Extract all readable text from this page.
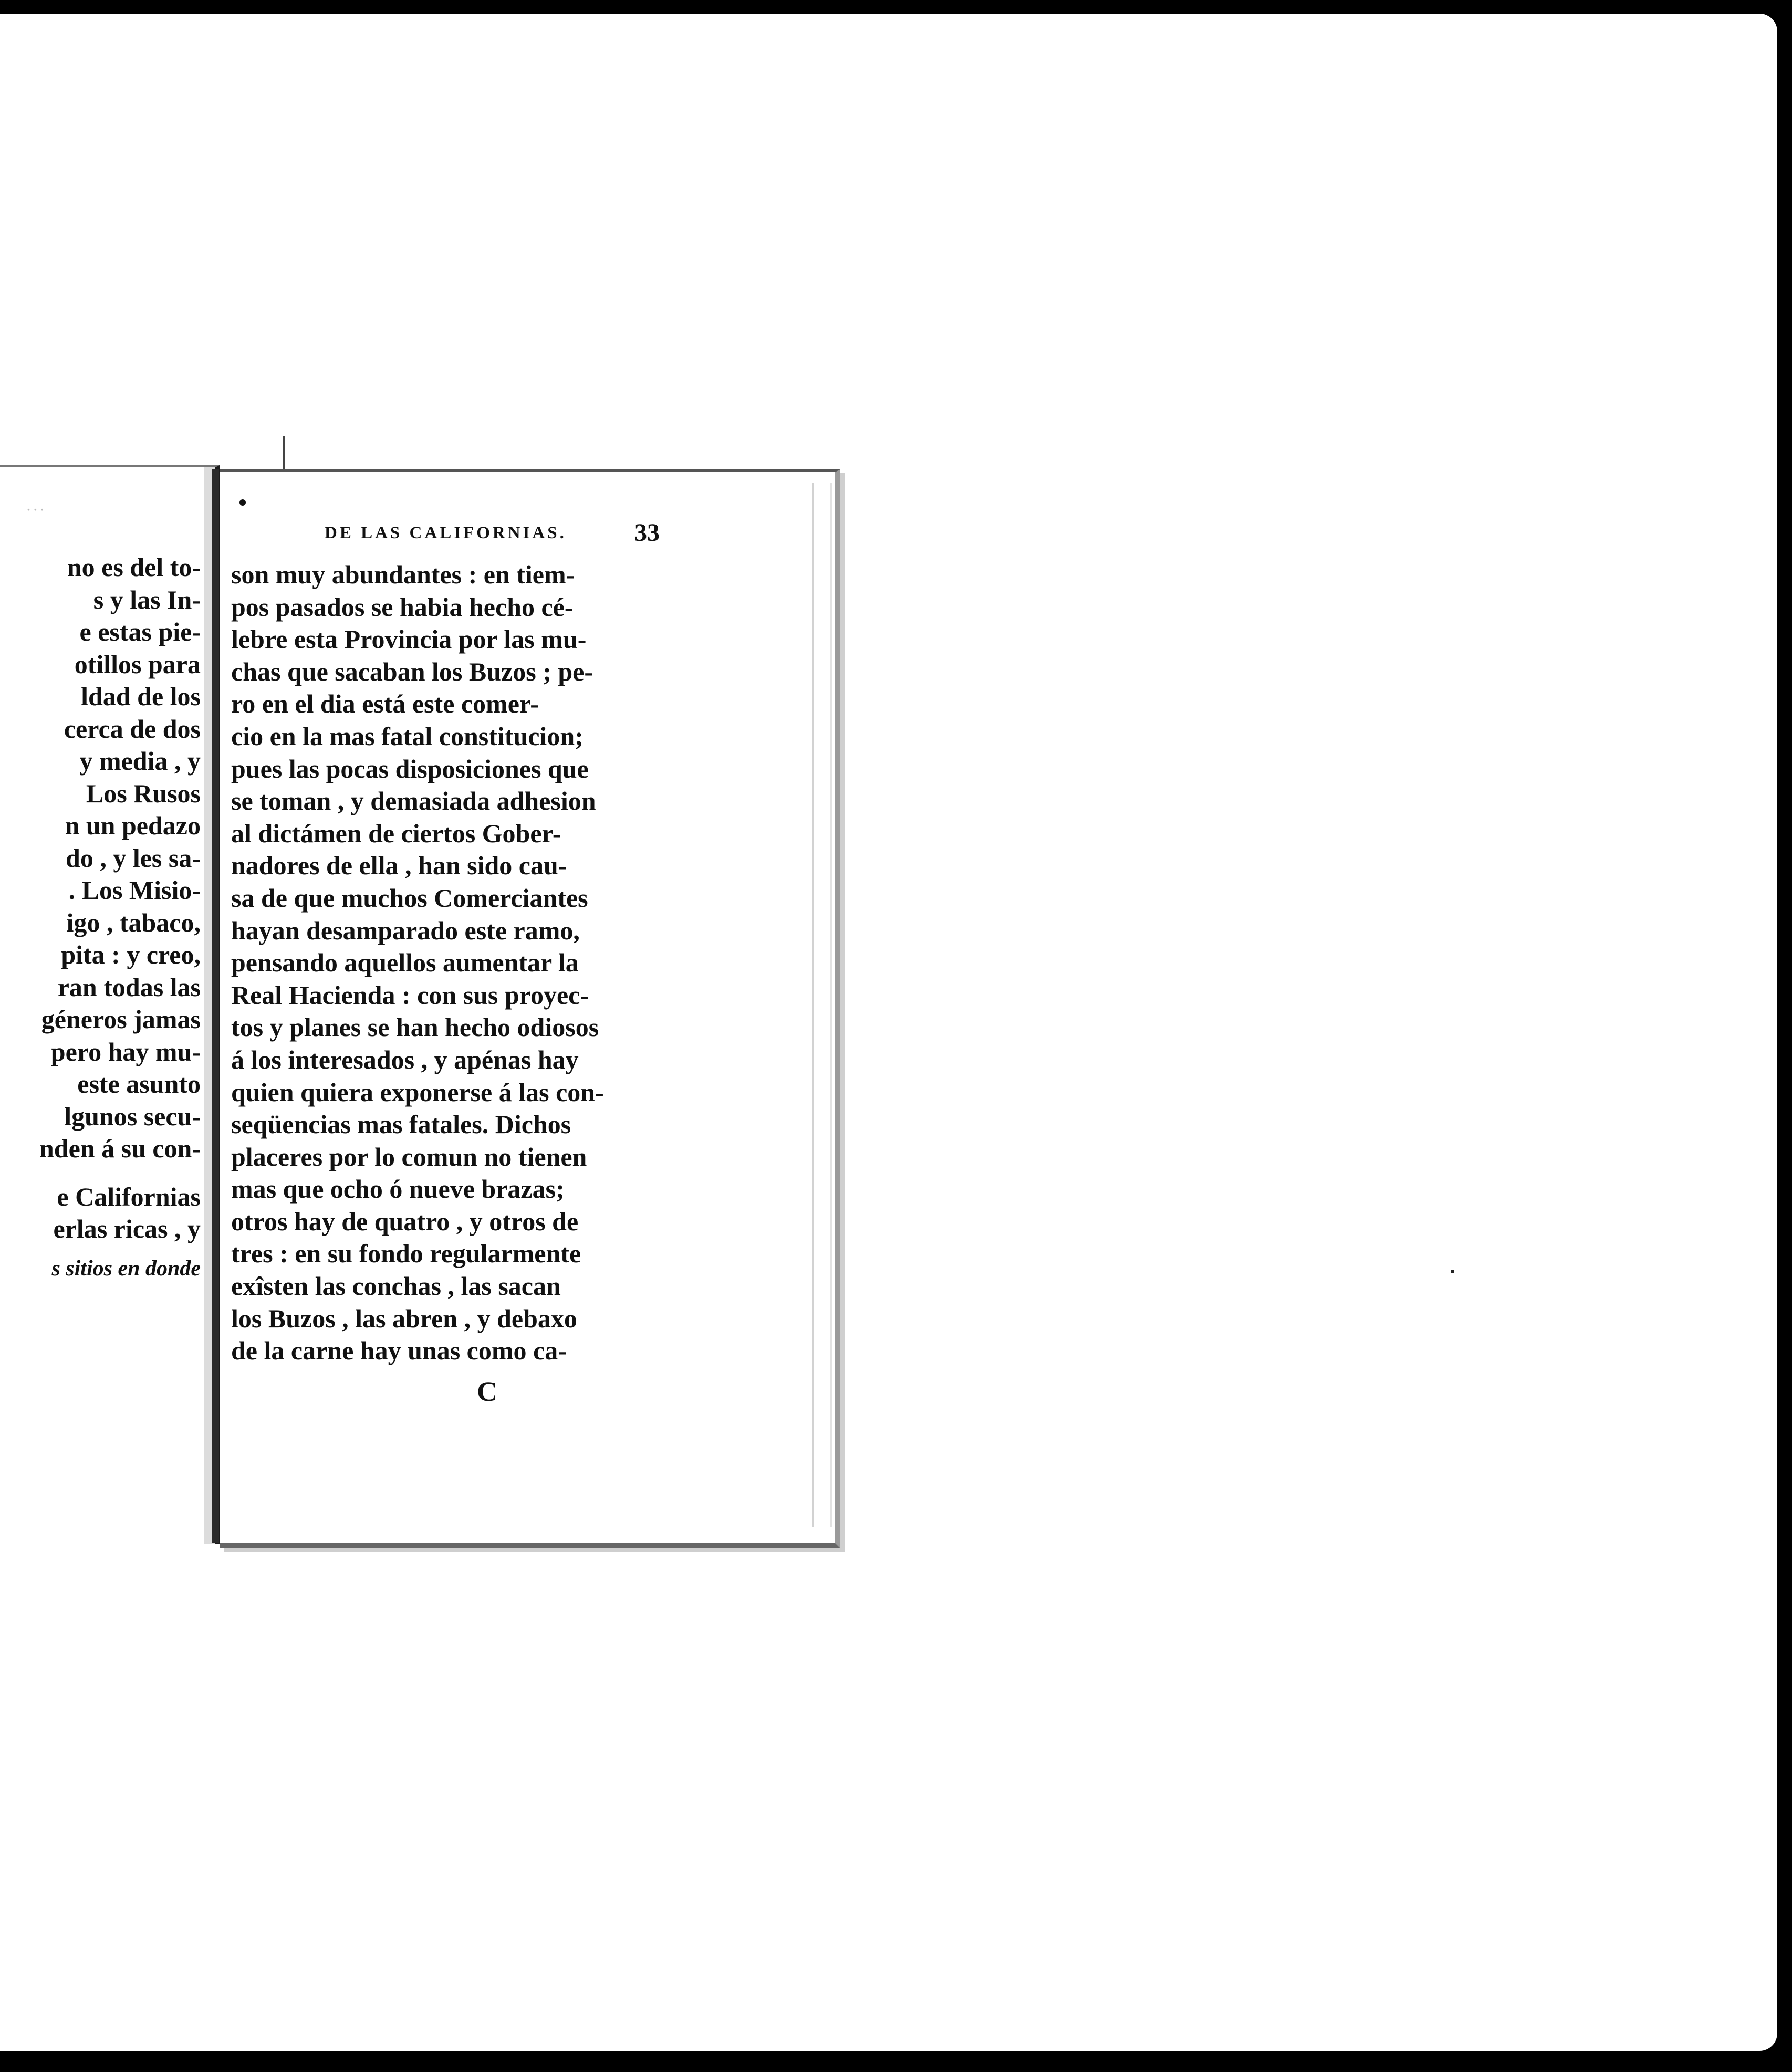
...
no es del to-
s y las In-
e estas pie-
otillos para
ldad de los
cerca de dos
y media , y
Los Rusos
n un pedazo
do , y les sa-
. Los Misio-
igo , tabaco,
pita : y creo,
ran todas las
géneros jamas
pero hay mu-
este asunto
lgunos secu-
nden á su con-
e Californias
erlas ricas , y
s sitios en donde
DE LAS CALIFORNIAS.	33
son muy abundantes : en tiem-
pos pasados se habia hecho cé-
lebre esta Provincia por las mu-
chas que sacaban los Buzos ; pe-
ro en el dia está este comer-
cio en la mas fatal constitucion;
pues las pocas disposiciones que
se toman , y demasiada adhesion
al dictámen de ciertos Gober-
nadores de ella , han sido cau-
sa de que muchos Comerciantes
hayan desamparado este ramo,
pensando aquellos aumentar la
Real Hacienda : con sus proyec-
tos y planes se han hecho odiosos
á los interesados , y apénas hay
quien quiera exponerse á las con-
seqüencias mas fatales. Dichos
placeres por lo comun no tienen
mas que ocho ó nueve brazas;
otros hay de quatro , y otros de
tres : en su fondo regularmente
exîsten las conchas , las sacan
los Buzos , las abren , y debaxo
de la carne hay unas como ca-
C
